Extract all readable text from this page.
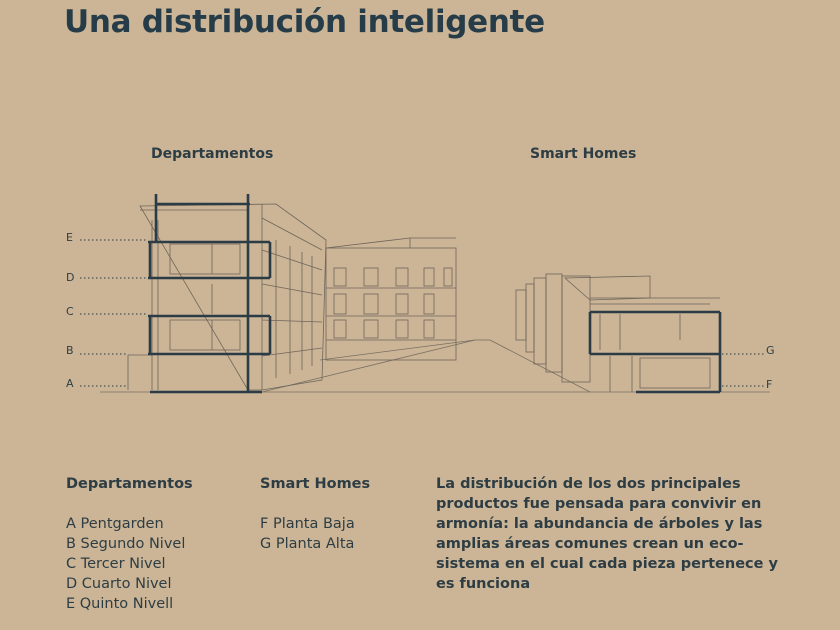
Una distribución inteligente
Departamentos	Smart Homes
E
D
C
B
A
G
F
Departamentos
A Pentgarden
B Segundo Nivel
C Tercer Nivel
D Cuarto Nivel
E Quinto Nivell
Smart Homes
F Planta Baja
G Planta Alta
La distribución de los dos principales productos fue pensada para convivir en armonía: la abundancia de árboles y las amplias áreas comunes crean un eco-sistema en el cual cada pieza pertenece y es funciona
